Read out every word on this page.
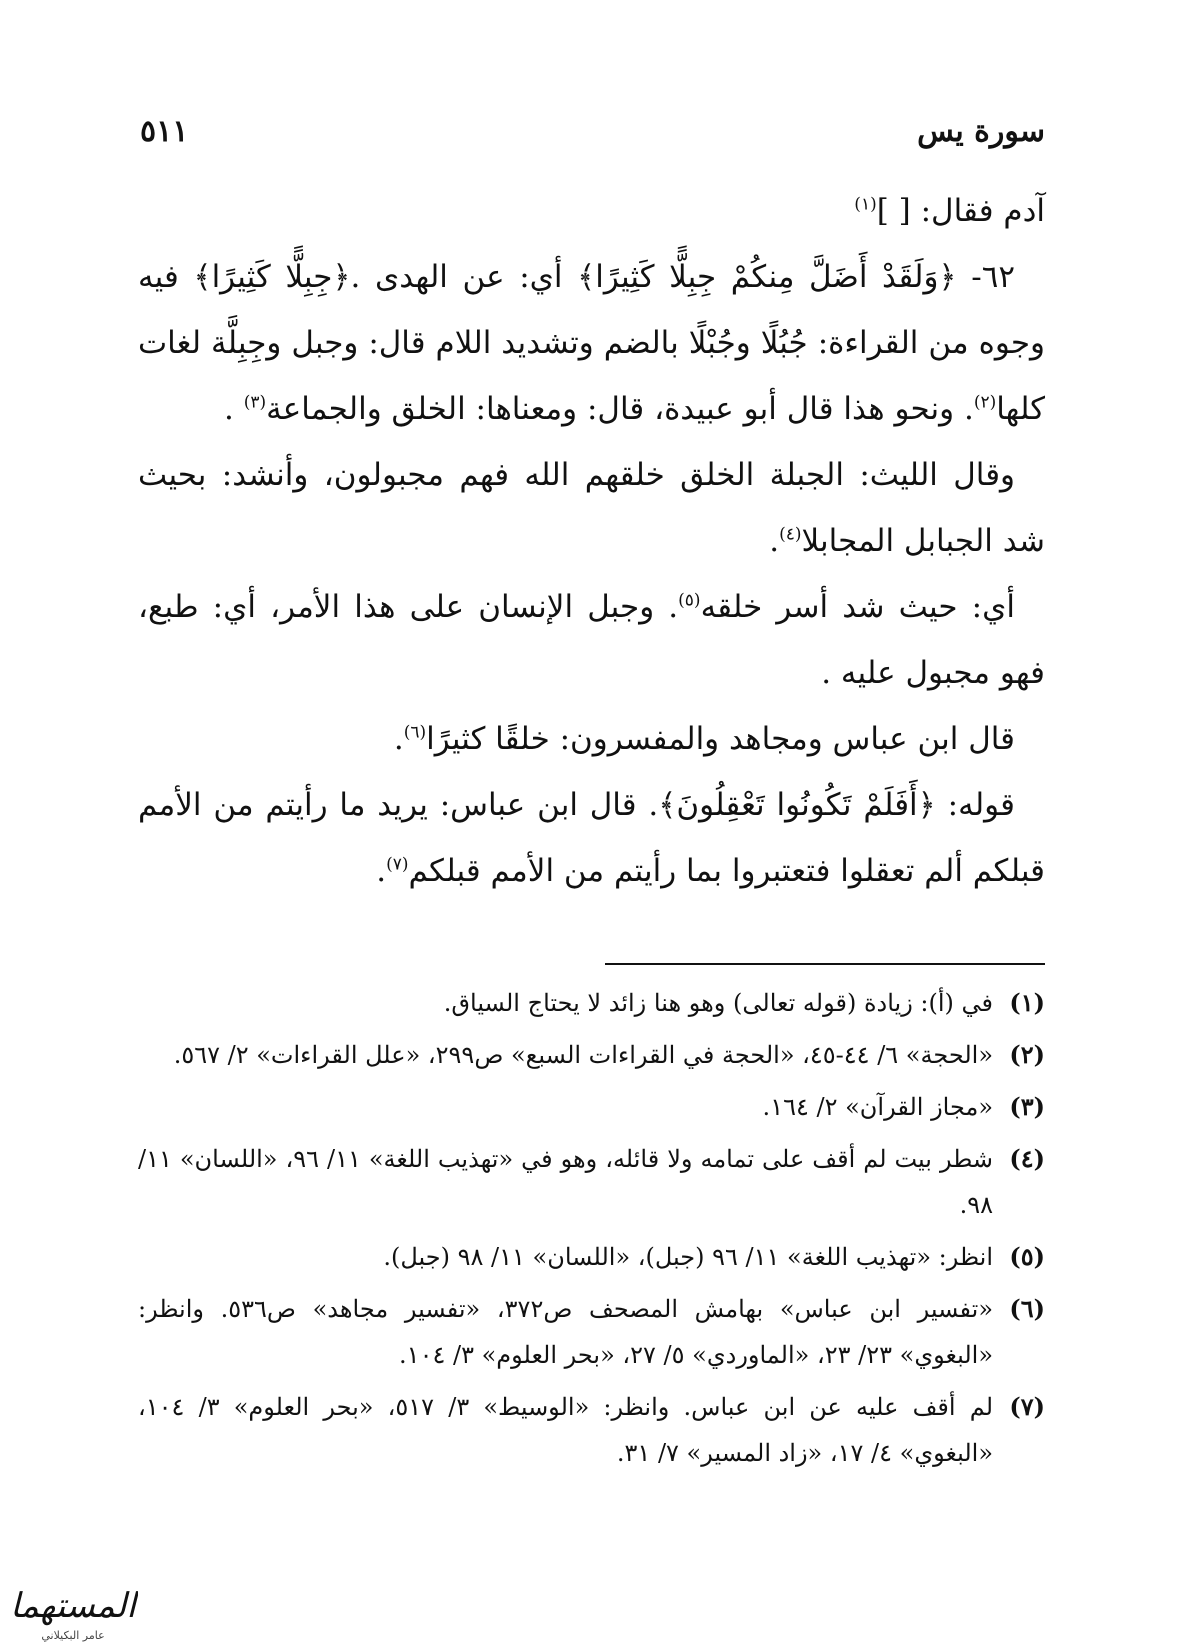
سورة يس
٥١١

آدم فقال: [ ]$^{(١)}$

٦٢- ﴿وَلَقَدْ أَضَلَّ مِنكُمْ جِبِلًّا كَثِيرًا﴾ أي: عن الهدى .﴿جِبِلًّا كَثِيرًا﴾ فيه وجوه من القراءة: جُبُلًا وجُبْلًا بالضم وتشديد اللام قال: وجبل وجِبِلَّة لغات كلها$^{(٢)}$. ونحو هذا قال أبو عبيدة، قال: ومعناها: الخلق والجماعة$^{(٣)}$ .

وقال الليث: الجبلة الخلق خلقهم الله فهم مجبولون، وأنشد: بحيث شد الجبابل المجابلا$^{(٤)}$.

أي: حيث شد أسر خلقه$^{(٥)}$. وجبل الإنسان على هذا الأمر، أي: طبع، فهو مجبول عليه .

قال ابن عباس ومجاهد والمفسرون: خلقًا كثيرًا$^{(٦)}$.

قوله: ﴿أَفَلَمْ تَكُونُوا تَعْقِلُونَ﴾. قال ابن عباس: يريد ما رأيتم من الأمم قبلكم ألم تعقلوا فتعتبروا بما رأيتم من الأمم قبلكم$^{(٧)}$.

(١)
في (أ): زيادة (قوله تعالى) وهو هنا زائد لا يحتاج السياق.
(٢)
«الحجة» ٦/ ٤٤-٤٥، «الحجة في القراءات السبع» ص٢٩٩، «علل القراءات» ٢/ ٥٦٧.
(٣)
«مجاز القرآن» ٢/ ١٦٤.
(٤)
شطر بيت لم أقف على تمامه ولا قائله، وهو في «تهذيب اللغة» ١١/ ٩٦، «اللسان» ١١/ ٩٨.
(٥)
انظر: «تهذيب اللغة» ١١/ ٩٦ (جبل)، «اللسان» ١١/ ٩٨ (جبل).
(٦)
«تفسير ابن عباس» بهامش المصحف ص٣٧٢، «تفسير مجاهد» ص٥٣٦. وانظر: «البغوي» ٢٣/ ٢٣، «الماوردي» ٥/ ٢٧، «بحر العلوم» ٣/ ١٠٤.
(٧)
لم أقف عليه عن ابن عباس. وانظر: «الوسيط» ٣/ ٥١٧، «بحر العلوم» ٣/ ١٠٤، «البغوي» ٤/ ١٧، «زاد المسير» ٧/ ٣١.
المستهما
عامر البكيلاني
